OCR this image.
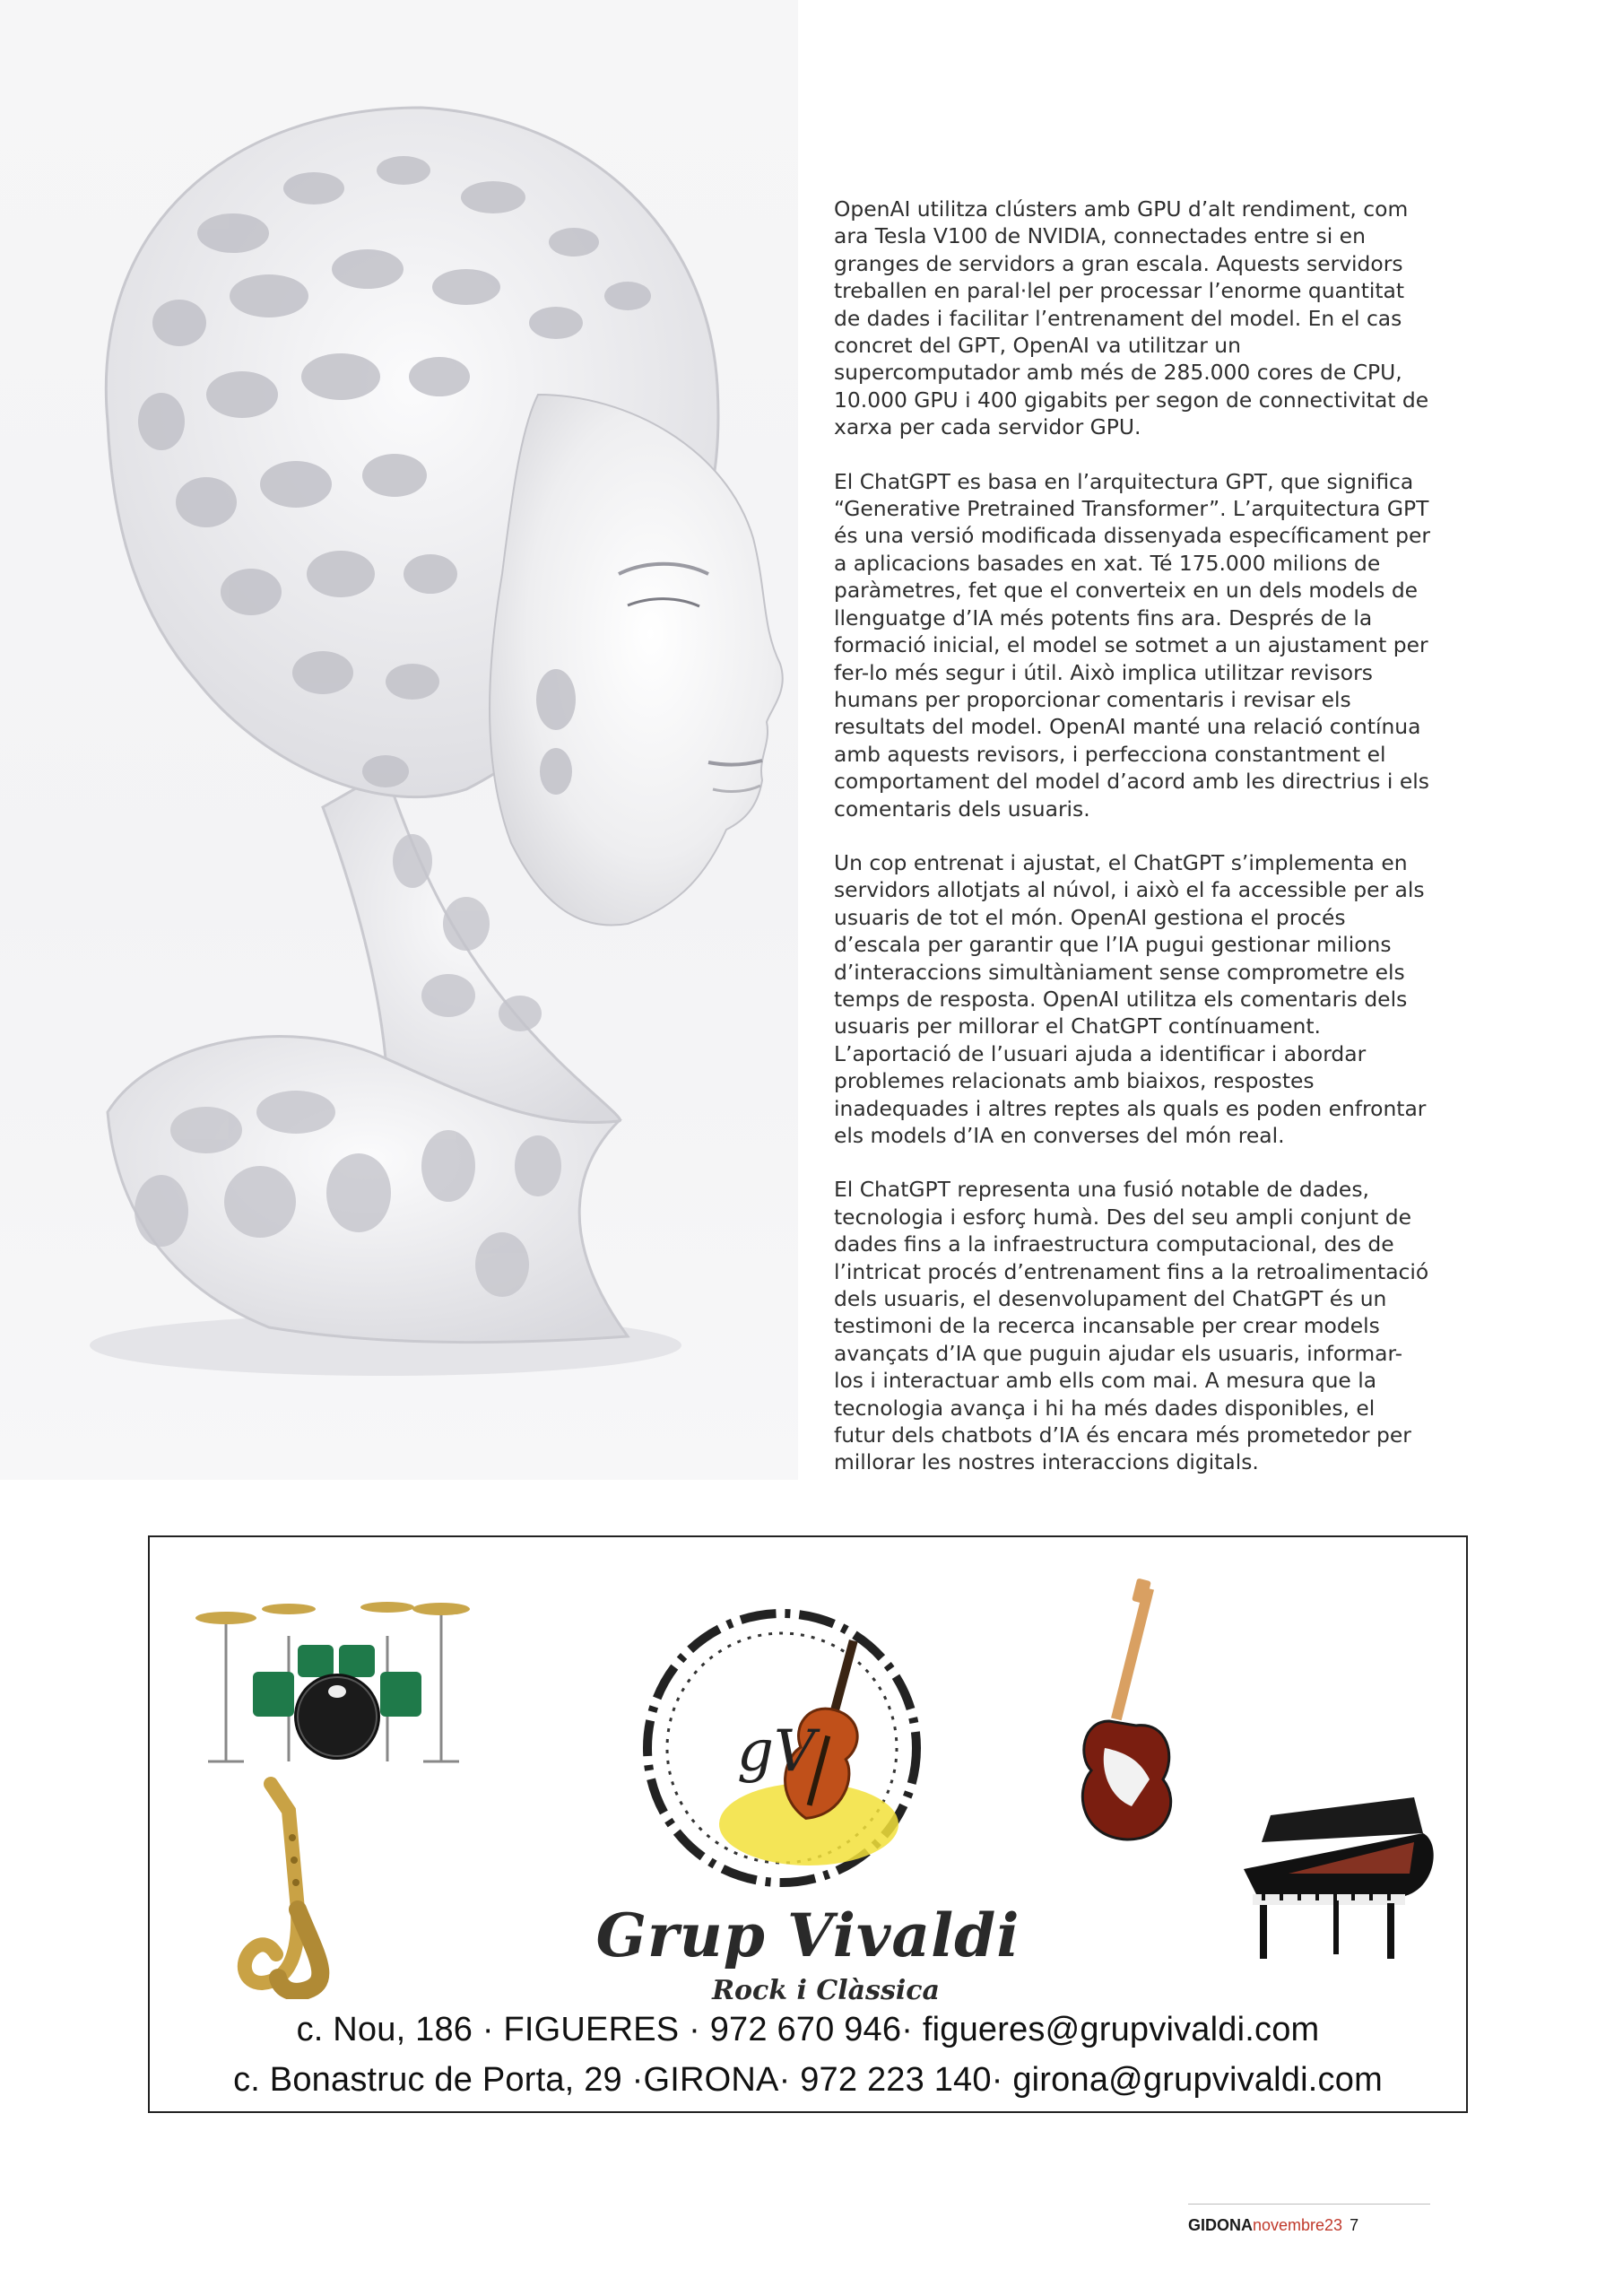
OpenAI utilitza clústers amb GPU d’alt rendiment, com ara Tesla V100 de NVIDIA, connectades entre si en granges de servidors a gran escala. Aquests servidors treballen en paral·lel per processar l’enorme quantitat de dades i facilitar l’entrenament del model. En el cas concret del GPT, OpenAI va utilitzar un supercomputador amb més de 285.000 cores de CPU, 10.000 GPU i 400 gigabits per segon de connectivitat de xarxa per cada servidor GPU.

El ChatGPT es basa en l’arquitectura GPT, que significa “Generative Pretrained Transformer”. L’arquitectura GPT és una versió modificada dissenyada específicament per a aplicacions basades en xat. Té 175.000 milions de paràmetres, fet que el converteix en un dels models de llenguatge d’IA més potents fins ara. Després de la formació inicial, el model se sotmet a un ajustament per fer-lo més segur i útil. Això implica utilitzar revisors humans per proporcionar comentaris i revisar els resultats del model. OpenAI manté una relació contínua amb aquests revisors, i perfecciona constantment el comportament del model d’acord amb les directrius i els comentaris dels usuaris.

Un cop entrenat i ajustat, el ChatGPT s’implementa en servidors allotjats al núvol, i això el fa accessible per als usuaris de tot el món. OpenAI gestiona el procés d’escala per garantir que l’IA pugui gestionar milions d’interaccions simultàniament sense comprometre els temps de resposta. OpenAI utilitza els comentaris dels usuaris per millorar el ChatGPT contínuament. L’aportació de l’usuari ajuda a identificar i abordar problemes relacionats amb biaixos, respostes inadequades i altres reptes als quals es poden enfrontar els models d’IA en converses del món real.

El ChatGPT representa una fusió notable de dades, tecnologia i esforç humà. Des del seu ampli conjunt de dades fins a la infraestructura computacional, des de l’intricat procés d’entrenament fins a la retroalimentació dels usuaris, el desenvolupament del ChatGPT és un testimoni de la recerca incansable per crear models avançats d’IA que puguin ajudar els usuaris, informar-los i interactuar amb ells com mai. A mesura que la tecnologia avança i hi ha més dades disponibles, el futur dels chatbots d’IA és encara més prometedor per millorar les nostres interaccions digitals.

gV
Grup Vivaldi
Rock i Clàssica
c. Nou, 186 · FIGUERES · 972 670 946· figueres@grupvivaldi.com
c. Bonastruc de Porta, 29 ·GIRONA· 972 223 140· girona@grupvivaldi.com
GIDONAnovembre23 7
